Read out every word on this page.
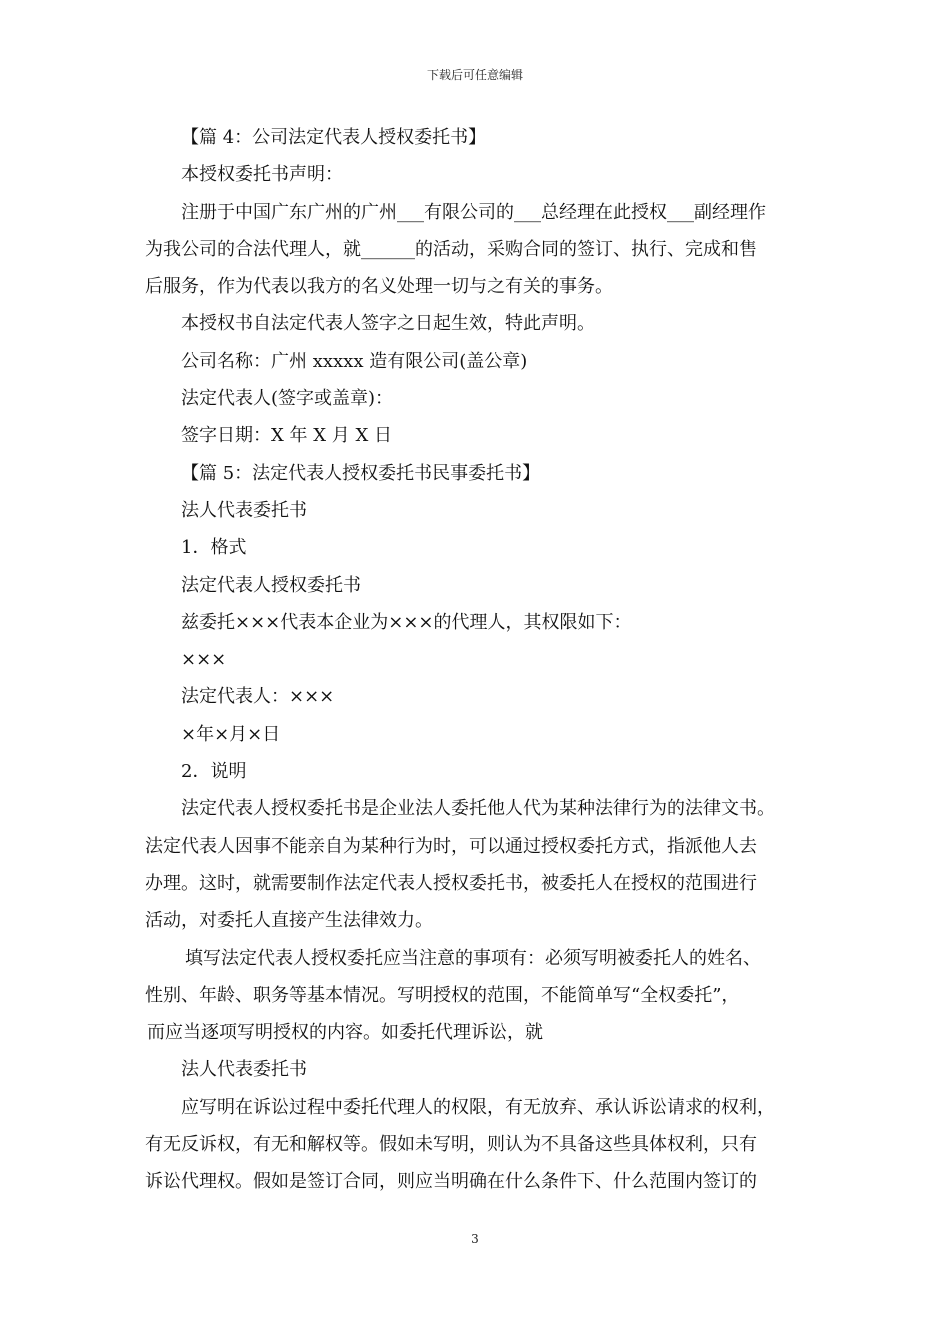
下载后可任意编辑
【篇 4：公司法定代表人授权委托书】
本授权委托书声明：
注册于中国广东广州的广州___有限公司的___总经理在此授权___副经理作
为我公司的合法代理人，就______的活动，采购合同的签订、执行、完成和售
后服务，作为代表以我方的名义处理一切与之有关的事务。
本授权书自法定代表人签字之日起生效，特此声明。
公司名称：广州 xxxxx 造有限公司(盖公章)
法定代表人(签字或盖章)：
签字日期：X 年 X 月 X 日
【篇 5：法定代表人授权委托书民事委托书】
法人代表委托书
1．格式
法定代表人授权委托书
兹委托×××代表本企业为×××的代理人，其权限如下：
×××
法定代表人：×××
×年×月×日
2．说明
法定代表人授权委托书是企业法人委托他人代为某种法律行为的法律文书。
法定代表人因事不能亲自为某种行为时，可以通过授权委托方式，指派他人去
办理。这时，就需要制作法定代表人授权委托书，被委托人在授权的范围进行
活动，对委托人直接产生法律效力。
填写法定代表人授权委托应当注意的事项有：必须写明被委托人的姓名、
性别、年龄、职务等基本情况。写明授权的范围，不能简单写“全权委托”，
而应当逐项写明授权的内容。如委托代理诉讼，就
法人代表委托书
应写明在诉讼过程中委托代理人的权限，有无放弃、承认诉讼请求的权利，
有无反诉权，有无和解权等。假如未写明，则认为不具备这些具体权利，只有
诉讼代理权。假如是签订合同，则应当明确在什么条件下、什么范围内签订的
3
